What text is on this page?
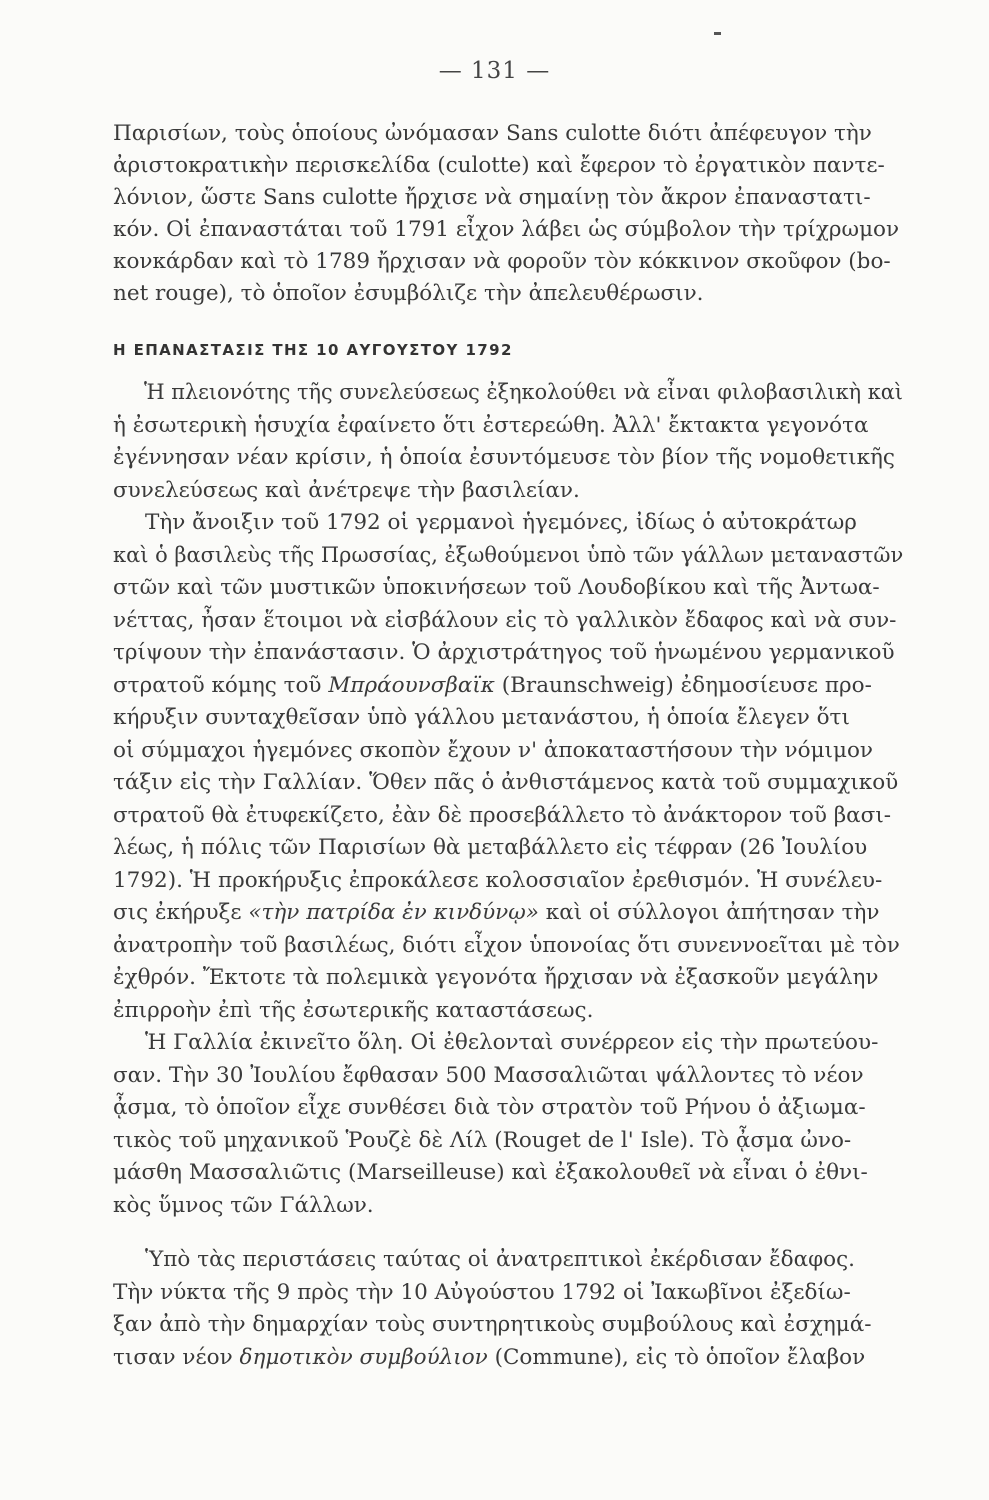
— 131 —
Παρισίων, τοὺς ὁποίους ὠνόμασαν Sans culotte διότι ἀπέφευγον τὴν
ἀριστοκρατικὴν περισκελίδα (culotte) καὶ ἔφερον τὸ ἐργατικὸν παντε-
λόνιον, ὥστε Sans culotte ἤρχισε νὰ σημαίνῃ τὸν ἄκρον ἐπαναστατι-
κόν. Οἱ ἐπαναστάται τοῦ 1791 εἶχον λάβει ὡς σύμβολον τὴν τρίχρωμον
κονκάρδαν καὶ τὸ 1789 ἤρχισαν νὰ φοροῦν τὸν κόκκινον σκοῦφον (bo-
net rouge), τὸ ὁποῖον ἐσυμβόλιζε τὴν ἀπελευθέρωσιν.
Η ΕΠΑΝΑΣΤΑΣΙΣ ΤΗΣ 10 ΑΥΓΟΥΣΤΟΥ 1792
Ἡ πλειονότης τῆς συνελεύσεως ἐξηκολούθει νὰ εἶναι φιλοβασιλικὴ καὶ
ἡ ἐσωτερικὴ ἡσυχία ἐφαίνετο ὅτι ἐστερεώθη. Ἀλλ' ἔκτακτα γεγονότα
ἐγέννησαν νέαν κρίσιν, ἡ ὁποία ἐσυντόμευσε τὸν βίον τῆς νομοθετικῆς
συνελεύσεως καὶ ἀνέτρεψε τὴν βασιλείαν.
Τὴν ἄνοιξιν τοῦ 1792 οἱ γερμανοὶ ἡγεμόνες, ἰδίως ὁ αὐτοκράτωρ
καὶ ὁ βασιλεὺς τῆς Πρωσσίας, ἐξωθούμενοι ὑπὸ τῶν γάλλων μεταναστῶν
στῶν καὶ τῶν μυστικῶν ὑποκινήσεων τοῦ Λουδοβίκου καὶ τῆς Ἀντωα-
νέττας, ἦσαν ἕτοιμοι νὰ εἰσβάλουν εἰς τὸ γαλλικὸν ἔδαφος καὶ νὰ συν-
τρίψουν τὴν ἐπανάστασιν. Ὁ ἀρχιστράτηγος τοῦ ἡνωμένου γερμανικοῦ
στρατοῦ κόμης τοῦ Μπράουνσβαϊκ (Braunschweig) ἐδημοσίευσε προ-
κήρυξιν συνταχθεῖσαν ὑπὸ γάλλου μετανάστου, ἡ ὁποία ἔλεγεν ὅτι
οἱ σύμμαχοι ἡγεμόνες σκοπὸν ἔχουν ν' ἀποκαταστήσουν τὴν νόμιμον
τάξιν εἰς τὴν Γαλλίαν. Ὅθεν πᾶς ὁ ἀνθιστάμενος κατὰ τοῦ συμμαχικοῦ
στρατοῦ θὰ ἐτυφεκίζετο, ἐὰν δὲ προσεβάλλετο τὸ ἀνάκτορον τοῦ βασι-
λέως, ἡ πόλις τῶν Παρισίων θὰ μεταβάλλετο εἰς τέφραν (26 Ἰουλίου
1792). Ἡ προκήρυξις ἐπροκάλεσε κολοσσιαῖον ἐρεθισμόν. Ἡ συνέλευ-
σις ἐκήρυξε «τὴν πατρίδα ἐν κινδύνῳ» καὶ οἱ σύλλογοι ἀπήτησαν τὴν
ἀνατροπὴν τοῦ βασιλέως, διότι εἶχον ὑπονοίας ὅτι συνεννοεῖται μὲ τὸν
ἐχθρόν. Ἔκτοτε τὰ πολεμικὰ γεγονότα ἤρχισαν νὰ ἐξασκοῦν μεγάλην
ἐπιρροὴν ἐπὶ τῆς ἐσωτερικῆς καταστάσεως.
Ἡ Γαλλία ἐκινεῖτο ὅλη. Οἱ ἐθελονταὶ συνέρρεον εἰς τὴν πρωτεύου-
σαν. Τὴν 30 Ἰουλίου ἔφθασαν 500 Μασσαλιῶται ψάλλοντες τὸ νέον
ᾆσμα, τὸ ὁποῖον εἶχε συνθέσει διὰ τὸν στρατὸν τοῦ Ρήνου ὁ ἀξιωμα-
τικὸς τοῦ μηχανικοῦ Ῥουζὲ δὲ Λίλ (Rouget de l' Isle). Τὸ ᾆσμα ὠνο-
μάσθη Μασσαλιῶτις (Marseilleuse) καὶ ἐξακολουθεῖ νὰ εἶναι ὁ ἐθνι-
κὸς ὕμνος τῶν Γάλλων.
Ὑπὸ τὰς περιστάσεις ταύτας οἱ ἀνατρεπτικοὶ ἐκέρδισαν ἔδαφος.
Τὴν νύκτα τῆς 9 πρὸς τὴν 10 Αὐγούστου 1792 οἱ Ἰακωβῖνοι ἐξεδίω-
ξαν ἀπὸ τὴν δημαρχίαν τοὺς συντηρητικοὺς συμβούλους καὶ ἐσχημά-
τισαν νέον δημοτικὸν συμβούλιον (Commune), εἰς τὸ ὁποῖον ἔλαβον
